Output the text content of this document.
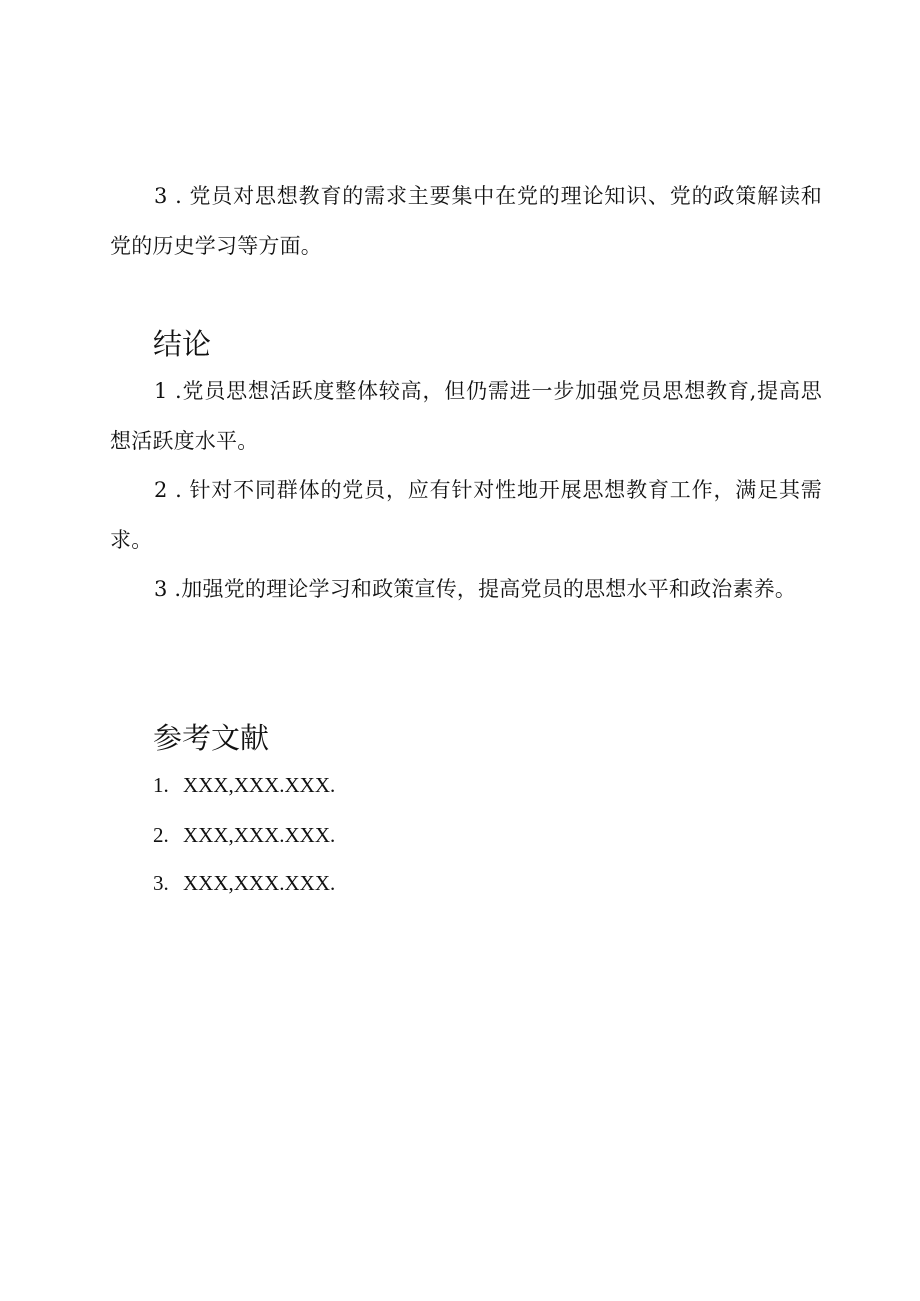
3 . 党员对思想教育的需求主要集中在党的理论知识、党的政策解读和党的历史学习等方面。

结论

1 .党员思想活跃度整体较高，但仍需进一步加强党员思想教育,提高思想活跃度水平。

2 . 针对不同群体的党员，应有针对性地开展思想教育工作，满足其需求。

3 .加强党的理论学习和政策宣传，提高党员的思想水平和政治素养。

参考文献
1. XXX,XXX.XXX.
2. XXX,XXX.XXX.
3. XXX,XXX.XXX.
